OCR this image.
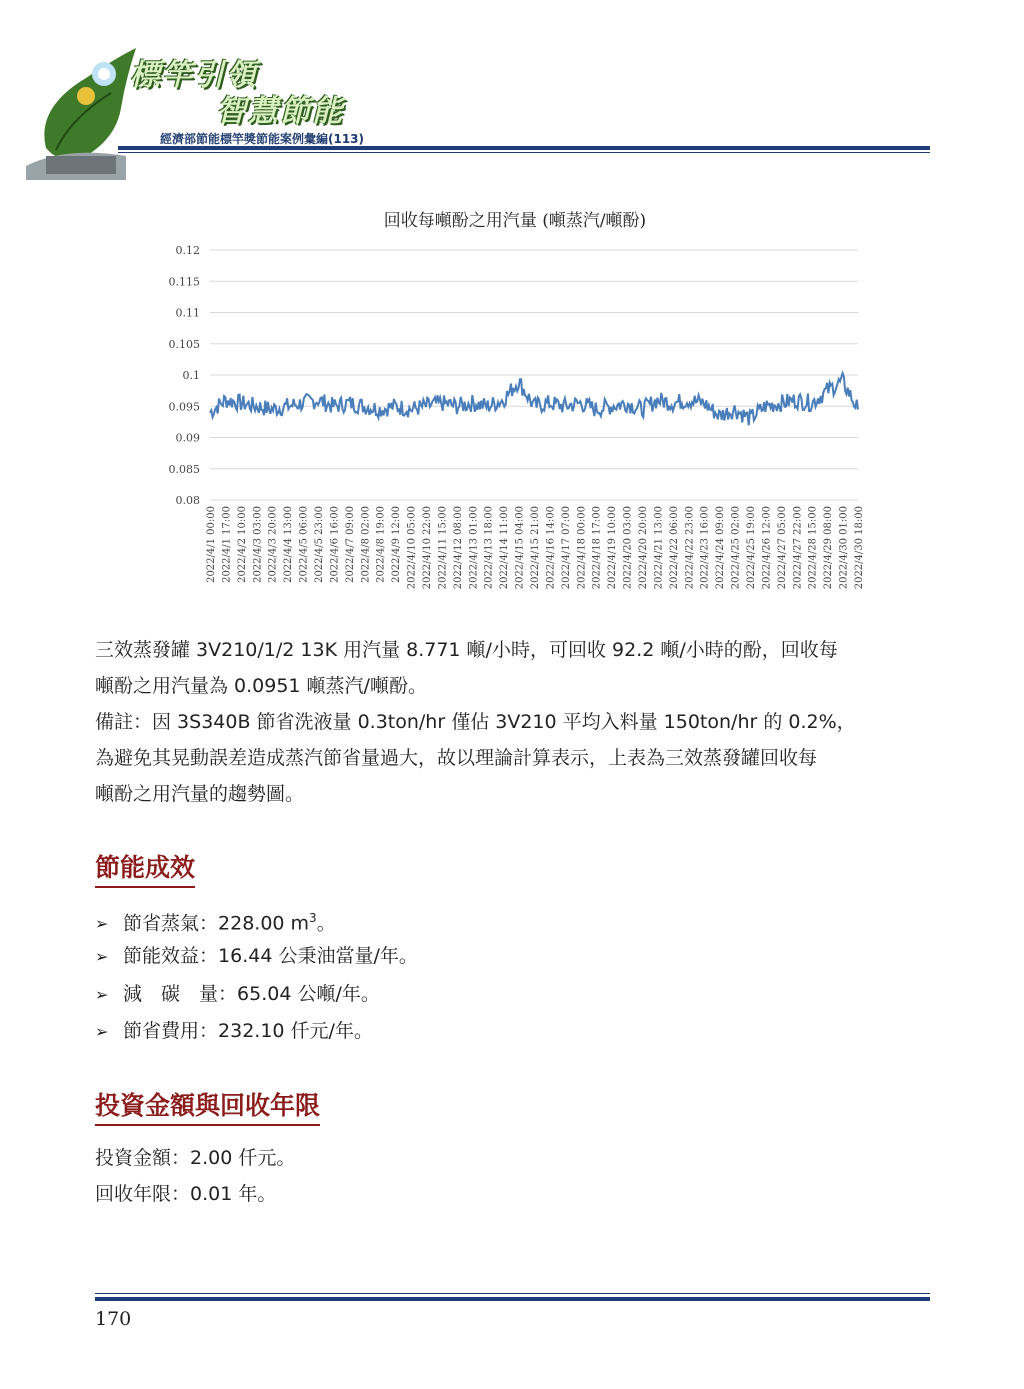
標竿引領
智慧節能
經濟部節能標竿獎節能案例彙編(113)
回收每噸酚之用汽量 (噸蒸汽/噸酚)
0.12
0.115
0.11
0.105
0.1
0.095
0.09
0.085
0.08
2022/4/1 00:00 2022/4/1 17:00 2022/4/2 10:00 2022/4/3 03:00 2022/4/3 20:00 2022/4/4 13:00 2022/4/5 06:00 2022/4/5 23:00 2022/4/6 16:00 2022/4/7 09:00 2022/4/8 02:00 2022/4/8 19:00 2022/4/9 12:00 2022/4/10 05:00 2022/4/10 22:00 2022/4/11 15:00 2022/4/12 08:00 2022/4/13 01:00 2022/4/13 18:00 2022/4/14 11:00 2022/4/15 04:00 2022/4/15 21:00 2022/4/16 14:00 2022/4/17 07:00 2022/4/18 00:00 2022/4/18 17:00 2022/4/19 10:00 2022/4/20 03:00 2022/4/20 20:00 2022/4/21 13:00 2022/4/22 06:00 2022/4/22 23:00 2022/4/23 16:00 2022/4/24 09:00 2022/4/25 02:00 2022/4/25 19:00 2022/4/26 12:00 2022/4/27 05:00 2022/4/27 22:00 2022/4/28 15:00 2022/4/29 08:00 2022/4/30 01:00 2022/4/30 18:00
三效蒸發罐 3V210/1/2 13K 用汽量 8.771 噸/小時，可回收 92.2 噸/小時的酚，回收每
噸酚之用汽量為 0.0951 噸蒸汽/噸酚。
備註：因 3S340B 節省洗液量 0.3ton/hr 僅佔 3V210 平均入料量 150ton/hr 的 0.2%，
為避免其晃動誤差造成蒸汽節省量過大，故以理論計算表示，上表為三效蒸發罐回收每
噸酚之用汽量的趨勢圖。
節能成效
➢ 節省蒸氣：228.00 $m^3$。
➢ 節能效益：16.44 公秉油當量/年。
➢ 減　碳　量：65.04 公噸/年。
➢ 節省費用：232.10 仟元/年。
投資金額與回收年限
投資金額：2.00 仟元。
回收年限：0.01 年。
170
